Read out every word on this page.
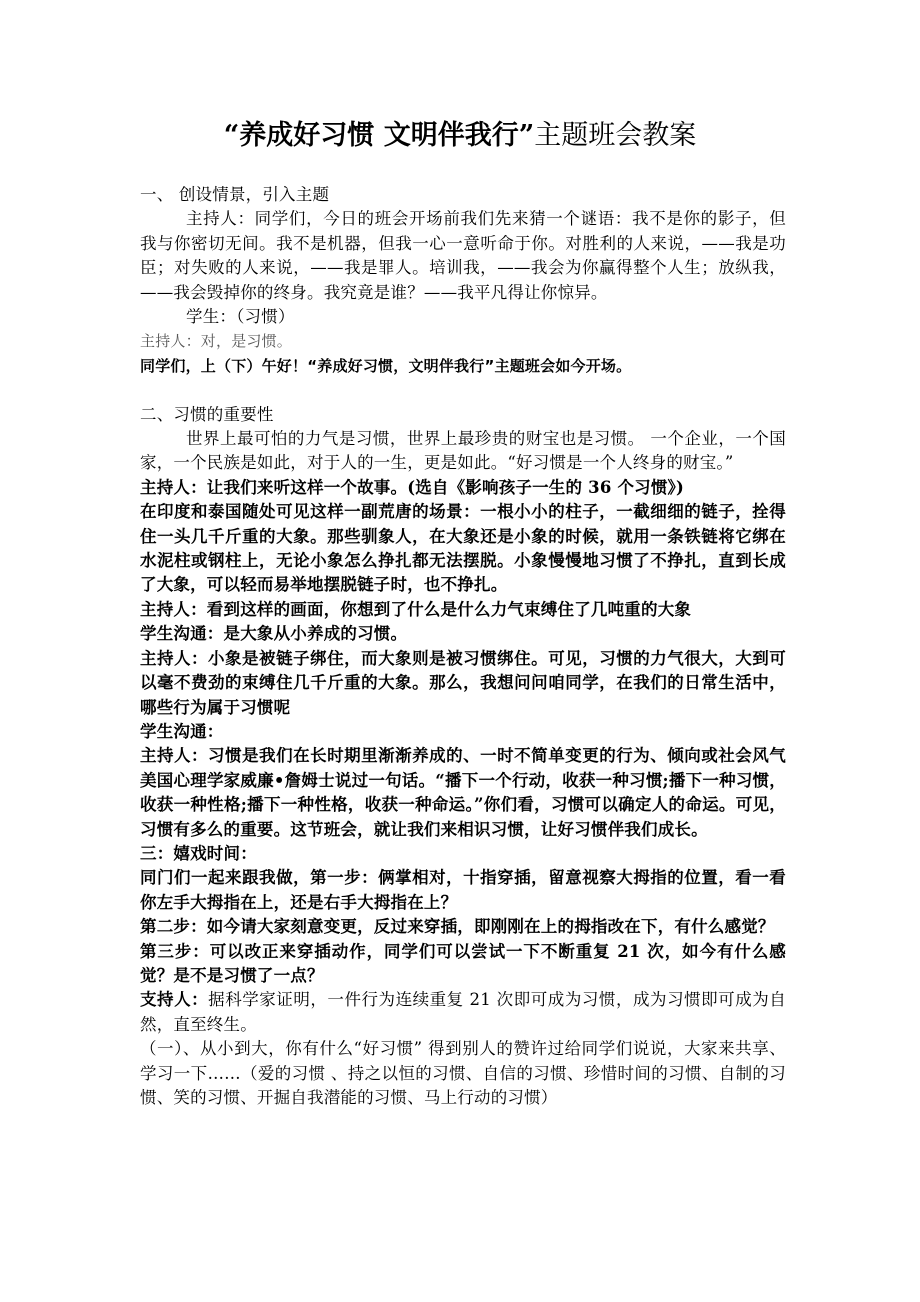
“养成好习惯 文明伴我行”主题班会教案

一、 创设情景，引入主题

主持人：同学们，今日的班会开场前我们先来猜一个谜语：我不是你的影子，但我与你密切无间。我不是机器，但我一心一意听命于你。对胜利的人来说，——我是功臣；对失败的人来说，——我是罪人。培训我，——我会为你赢得整个人生；放纵我，——我会毁掉你的终身。我究竟是谁？——我平凡得让你惊异。

学生：（习惯）

主持人：对，是习惯。

同学们，上（下）午好！“养成好习惯，文明伴我行”主题班会如今开场。

二、习惯的重要性

世界上最可怕的力气是习惯，世界上最珍贵的财宝也是习惯。 一个企业，一个国家，一个民族是如此，对于人的一生，更是如此。“好习惯是一个人终身的财宝。”

主持人：让我们来听这样一个故事。(选自《影响孩子一生的 36 个习惯》)

在印度和泰国随处可见这样一副荒唐的场景：一根小小的柱子，一截细细的链子，拴得住一头几千斤重的大象。那些驯象人，在大象还是小象的时候，就用一条铁链将它绑在水泥柱或钢柱上，无论小象怎么挣扎都无法摆脱。小象慢慢地习惯了不挣扎，直到长成了大象，可以轻而易举地摆脱链子时，也不挣扎。

主持人：看到这样的画面，你想到了什么是什么力气束缚住了几吨重的大象

学生沟通：是大象从小养成的习惯。

主持人：小象是被链子绑住，而大象则是被习惯绑住。可见，习惯的力气很大，大到可以毫不费劲的束缚住几千斤重的大象。那么，我想问问咱同学，在我们的日常生活中，哪些行为属于习惯呢

学生沟通：

主持人：习惯是我们在长时期里渐渐养成的、一时不简单变更的行为、倾向或社会风气 美国心理学家威廉•詹姆士说过一句话。“播下一个行动，收获一种习惯;播下一种习惯，收获一种性格;播下一种性格，收获一种命运。”你们看，习惯可以确定人的命运。可见，习惯有多么的重要。这节班会，就让我们来相识习惯，让好习惯伴我们成长。

三：嬉戏时间：

同门们一起来跟我做，第一步：俩掌相对，十指穿插，留意视察大拇指的位置，看一看你左手大拇指在上，还是右手大拇指在上？

第二步：如今请大家刻意变更，反过来穿插，即刚刚在上的拇指改在下，有什么感觉？

第三步：可以改正来穿插动作，同学们可以尝试一下不断重复 21 次，如今有什么感觉？是不是习惯了一点？

支持人：据科学家证明，一件行为连续重复 21 次即可成为习惯，成为习惯即可成为自然，直至终生。

（一）、从小到大，你有什么“好习惯” 得到别人的赞许过给同学们说说，大家来共享、学习一下……（爱的习惯 、持之以恒的习惯、自信的习惯、珍惜时间的习惯、自制的习惯、笑的习惯、开掘自我潜能的习惯、马上行动的习惯）
